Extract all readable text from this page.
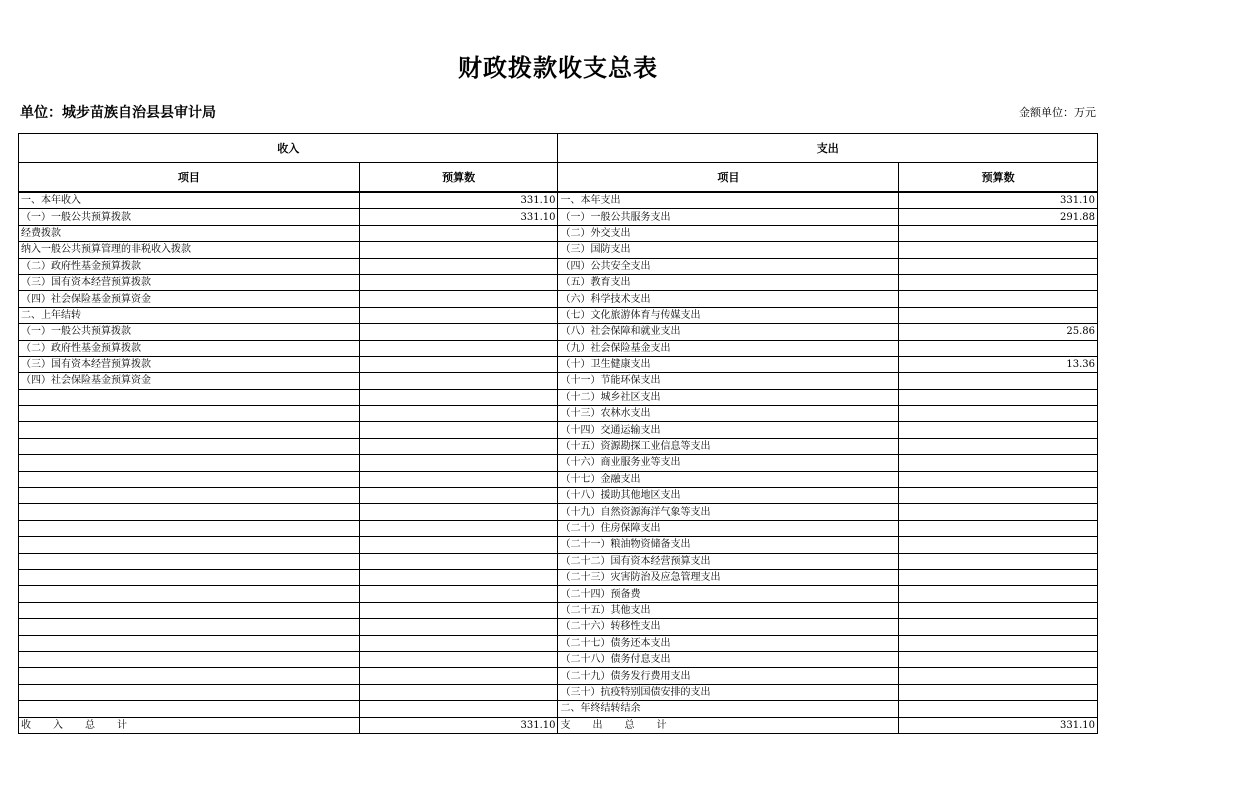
财政拨款收支总表
单位：城步苗族自治县县审计局	金额单位：万元
收入		支出	
项目	预算数	项目	预算数
一、本年收入	331.10	一、本年支出	331.10
（一）一般公共预算拨款	331.10	（一）一般公共服务支出	291.88
经费拨款		（二）外交支出	
纳入一般公共预算管理的非税收入拨款		（三）国防支出	
（二）政府性基金预算拨款		（四）公共安全支出	
（三）国有资本经营预算拨款		（五）教育支出	
（四）社会保险基金预算资金		（六）科学技术支出	
二、上年结转		（七）文化旅游体育与传媒支出	
（一）一般公共预算拨款		（八）社会保障和就业支出	25.86
（二）政府性基金预算拨款		（九）社会保险基金支出	
（三）国有资本经营预算拨款		（十）卫生健康支出	13.36
（四）社会保险基金预算资金		（十一）节能环保支出	
		（十二）城乡社区支出	
		（十三）农林水支出	
		（十四）交通运输支出	
		（十五）资源勘探工业信息等支出	
		（十六）商业服务业等支出	
		（十七）金融支出	
		（十八）援助其他地区支出	
		（十九）自然资源海洋气象等支出	
		（二十）住房保障支出	
		（二十一）粮油物资储备支出	
		（二十二）国有资本经营预算支出	
		（二十三）灾害防治及应急管理支出	
		（二十四）预备费	
		（二十五）其他支出	
		（二十六）转移性支出	
		（二十七）债务还本支出	
		（二十八）债务付息支出	
		（二十九）债务发行费用支出	
		（三十）抗疫特别国债安排的支出	
		二、年终结转结余	
收　入　总　计	331.10	支　出　总　计	331.10
